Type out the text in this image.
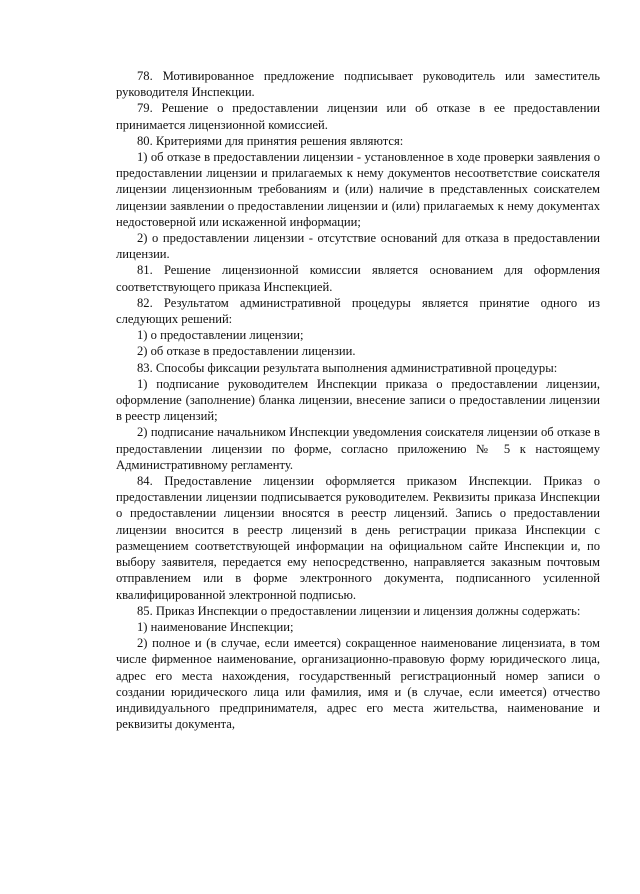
78. Мотивированное предложение подписывает руководитель или заместитель руководителя Инспекции.

79. Решение о предоставлении лицензии или об отказе в ее предоставлении принимается лицензионной комиссией.

80. Критериями для принятия решения являются:

1) об отказе в предоставлении лицензии - установленное в ходе проверки заявления о предоставлении лицензии и прилагаемых к нему документов несоответствие соискателя лицензии лицензионным требованиям и (или) наличие в представленных соискателем лицензии заявлении о предоставлении лицензии и (или) прилагаемых к нему документах недостоверной или искаженной информации;

2) о предоставлении лицензии - отсутствие оснований для отказа в предоставлении лицензии.

81. Решение лицензионной комиссии является основанием для оформления соответствующего приказа Инспекцией.

82. Результатом административной процедуры является принятие одного из следующих решений:

1) о предоставлении лицензии;

2) об отказе в предоставлении лицензии.

83. Способы фиксации результата выполнения административной процедуры:

1) подписание руководителем Инспекции приказа о предоставлении лицензии, оформление (заполнение) бланка лицензии, внесение записи о предоставлении лицензии в реестр лицензий;

2) подписание начальником Инспекции уведомления соискателя лицензии об отказе в предоставлении лицензии по форме, согласно приложению № 5 к настоящему Административному регламенту.

84. Предоставление лицензии оформляется приказом Инспекции. Приказ о предоставлении лицензии подписывается руководителем. Реквизиты приказа Инспекции о предоставлении лицензии вносятся в реестр лицензий. Запись о предоставлении лицензии вносится в реестр лицензий в день регистрации приказа Инспекции с размещением соответствующей информации на официальном сайте Инспекции и, по выбору заявителя, передается ему непосредственно, направляется заказным почтовым отправлением или в форме электронного документа, подписанного усиленной квалифицированной электронной подписью.

85. Приказ Инспекции о предоставлении лицензии и лицензия должны содержать:

1) наименование Инспекции;

2) полное и (в случае, если имеется) сокращенное наименование лицензиата, в том числе фирменное наименование, организационно-правовую форму юридического лица, адрес его места нахождения, государственный регистрационный номер записи о создании юридического лица или фамилия, имя и (в случае, если имеется) отчество индивидуального предпринимателя, адрес его места жительства, наименование и реквизиты документа,
